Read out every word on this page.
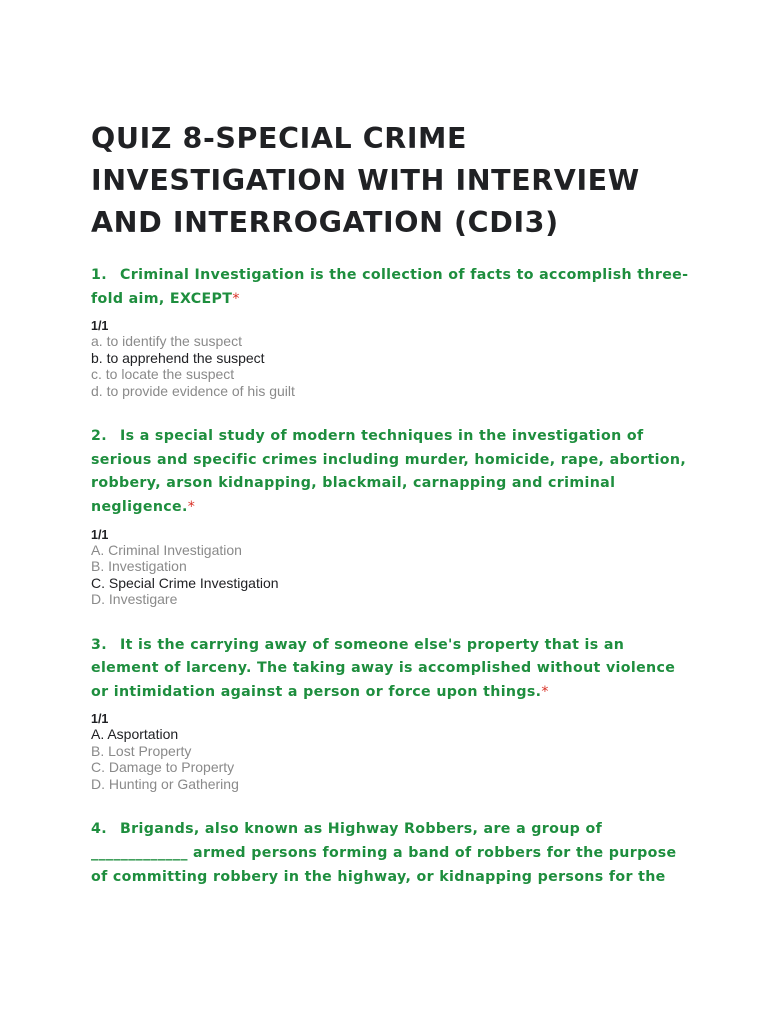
QUIZ 8-SPECIAL CRIME INVESTIGATION WITH INTERVIEW AND INTERROGATION (CDI3)

1. Criminal Investigation is the collection of facts to accomplish three-fold aim, EXCEPT*

1/1
a. to identify the suspect
b. to apprehend the suspect
c. to locate the suspect
d. to provide evidence of his guilt

2. Is a special study of modern techniques in the investigation of serious and specific crimes including murder, homicide, rape, abortion, robbery, arson kidnapping, blackmail, carnapping and criminal negligence.*

1/1
A. Criminal Investigation
B. Investigation
C. Special Crime Investigation
D. Investigare

3. It is the carrying away of someone else's property that is an element of larceny. The taking away is accomplished without violence or intimidation against a person or force upon things.*

1/1
A. Asportation
B. Lost Property
C. Damage to Property
D. Hunting or Gathering

4. Brigands, also known as Highway Robbers, are a group of _____________ armed persons forming a band of robbers for the purpose of committing robbery in the highway, or kidnapping persons for the
